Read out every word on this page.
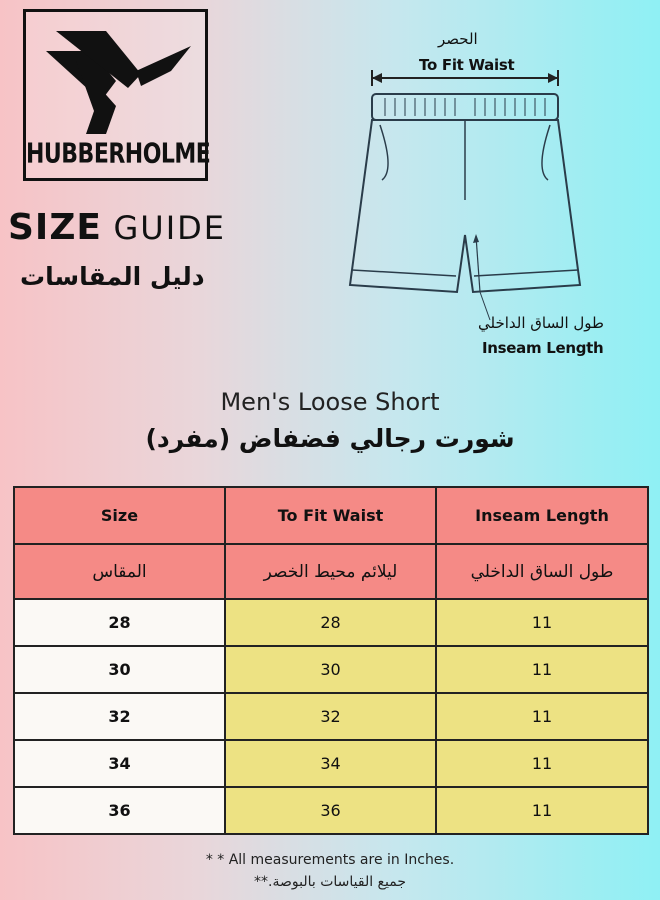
HUBBERHOLME
SIZE GUIDE
دليل المقاسات
الحصر
To Fit Waist
طول الساق الداخلي
Inseam Length
Men's Loose Short
شورت رجالي فضفاض (مفرد)
Size	To Fit Waist	Inseam Length
المقاس	ليلائم محيط الخصر	طول الساق الداخلي
28	28	11
30	30	11
32	32	11
34	34	11
36	36	11
* * All measurements are in Inches.
جميع القياسات بالبوصة.**
